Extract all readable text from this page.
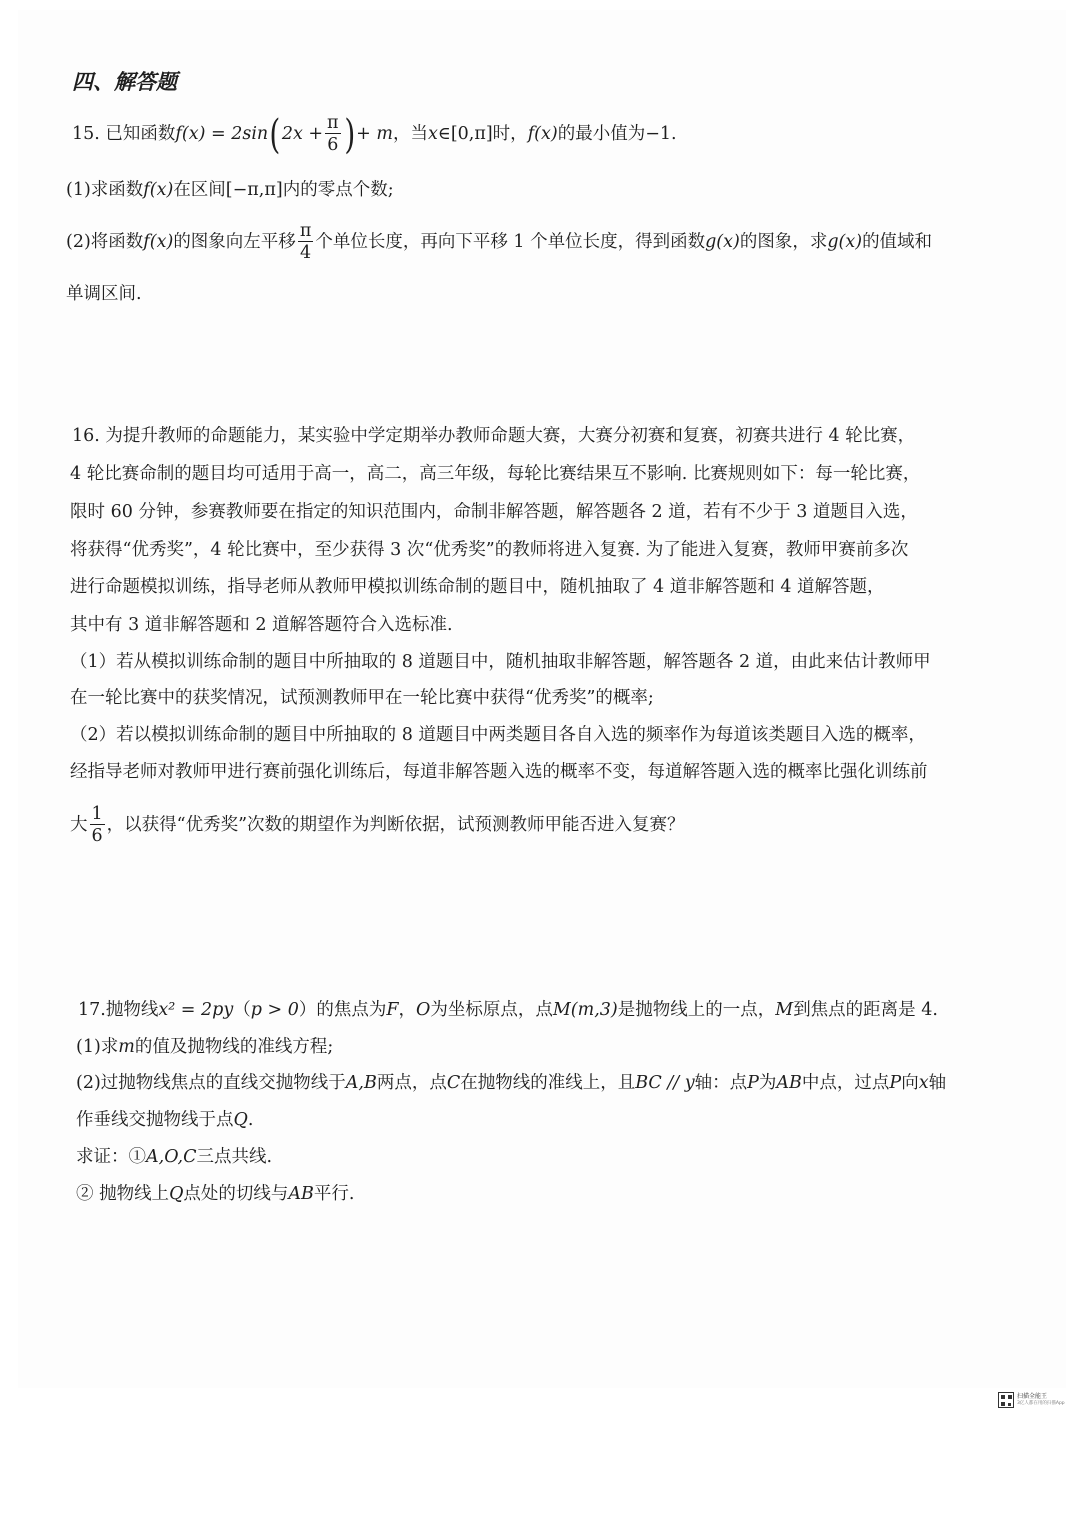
四、解答题
15. 已知函数$f(x) = 2\sin(2x + \frac{\pi}{6}$ )+ m，当x∈[0,π]时，f(x)的最小值为−1.
(1)求函数f(x)在区间[−π,π]内的零点个数;
(2)将函数f(x)的图象向左平移 $\frac{\pi}{4}$ 个单位长度，再向下平移 1 个单位长度，得到函数g(x)的图象，求g(x)的值域和
单调区间.
16. 为提升教师的命题能力，某实验中学定期举办教师命题大赛，大赛分初赛和复赛，初赛共进行 4 轮比赛，
4 轮比赛命制的题目均可适用于高一，高二，高三年级，每轮比赛结果互不影响. 比赛规则如下：每一轮比赛，
限时 60 分钟，参赛教师要在指定的知识范围内，命制非解答题，解答题各 2 道，若有不少于 3 道题目入选，
将获得“优秀奖”，4 轮比赛中，至少获得 3 次“优秀奖”的教师将进入复赛. 为了能进入复赛，教师甲赛前多次
进行命题模拟训练，指导老师从教师甲模拟训练命制的题目中，随机抽取了 4 道非解答题和 4 道解答题，
其中有 3 道非解答题和 2 道解答题符合入选标准.
（1）若从模拟训练命制的题目中所抽取的 8 道题目中，随机抽取非解答题，解答题各 2 道，由此来估计教师甲
在一轮比赛中的获奖情况，试预测教师甲在一轮比赛中获得“优秀奖”的概率;
（2）若以模拟训练命制的题目中所抽取的 8 道题目中两类题目各自入选的频率作为每道该类题目入选的概率，
经指导老师对教师甲进行赛前强化训练后，每道非解答题入选的概率不变，每道解答题入选的概率比强化训练前
大 $\frac{1}{6}$ ，以获得“优秀奖”次数的期望作为判断依据，试预测教师甲能否进入复赛？
17.抛物线x² = 2py（p > 0）的焦点为F，O为坐标原点，点M(m,3)是抛物线上的一点，M到焦点的距离是 4.
(1)求m的值及抛物线的准线方程;
(2)过抛物线焦点的直线交抛物线于A,B两点，点C在抛物线的准线上，且BC // y轴：点P为AB中点，过点P向x轴
作垂线交抛物线于点Q.
求证：①A,O,C三点共线.
② 抛物线上Q点处的切线与AB平行.
扫描全能王
3亿人都在用的扫描App
